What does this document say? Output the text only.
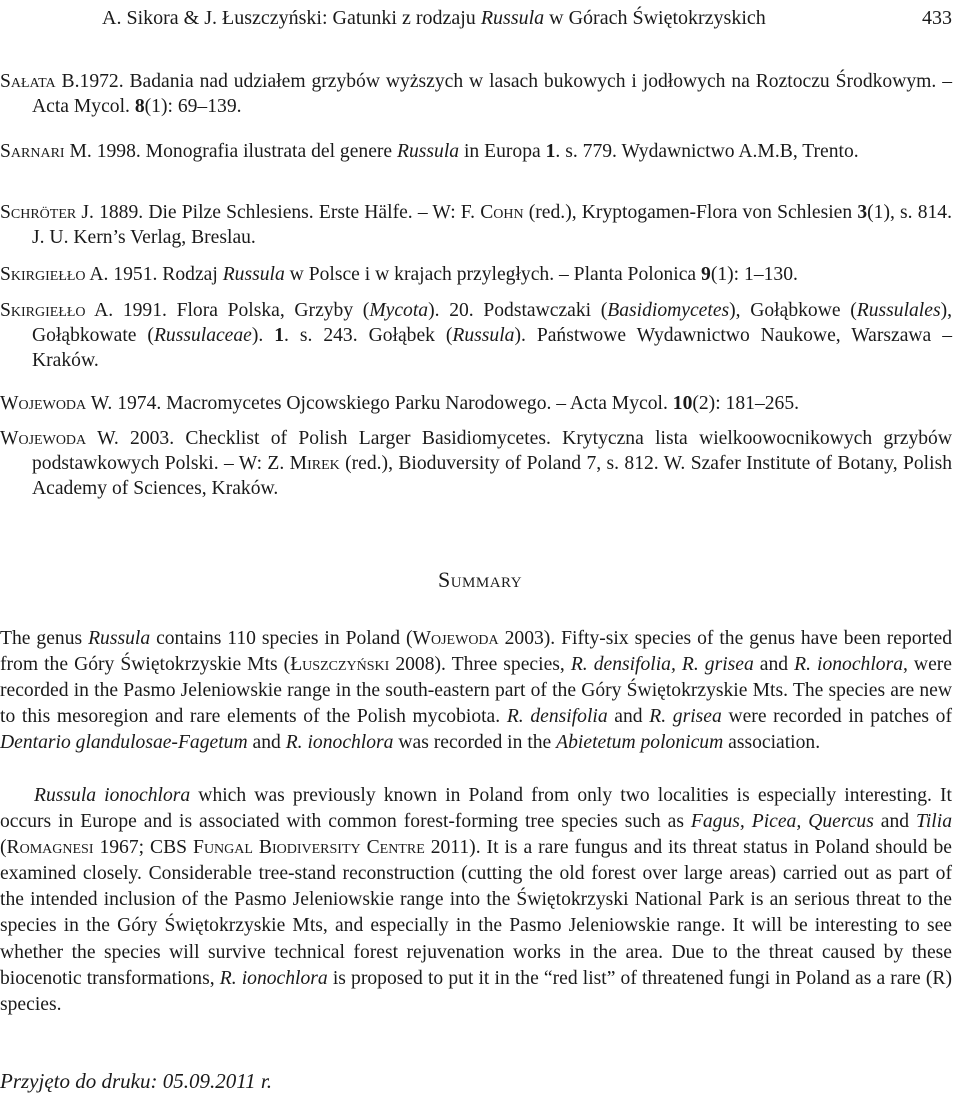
A. Sikora & J. Łuszczyński: Gatunki z rodzaju Russula w Górach Świętokrzyskich	433
Sałata B.1972. Badania nad udziałem grzybów wyższych w lasach bukowych i jodłowych na Roztoczu Środkowym. – Acta Mycol. 8(1): 69–139.
Sarnari M. 1998. Monografia ilustrata del genere Russula in Europa 1. s. 779. Wydawnictwo A.M.B, Trento.
Schröter J. 1889. Die Pilze Schlesiens. Erste Hälfe. – W: F. Cohn (red.), Kryptogamen-Flora von Schlesien 3(1), s. 814. J. U. Kern’s Verlag, Breslau.
Skirgiełło A. 1951. Rodzaj Russula w Polsce i w krajach przyległych. – Planta Polonica 9(1): 1–130.
Skirgiełło A. 1991. Flora Polska, Grzyby (Mycota). 20. Podstawczaki (Basidiomycetes), Gołąbkowe (Russulales), Gołąbkowate (Russulaceae). 1. s. 243. Gołąbek (Russula). Państwowe Wydawnictwo Naukowe, Warszawa – Kraków.
Wojewoda W. 1974. Macromycetes Ojcowskiego Parku Narodowego. – Acta Mycol. 10(2): 181–265.
Wojewoda W. 2003. Checklist of Polish Larger Basidiomycetes. Krytyczna lista wielkoowocnikowych grzybów podstawkowych Polski. – W: Z. Mirek (red.), Bioduversity of Poland 7, s. 812. W. Szafer Institute of Botany, Polish Academy of Sciences, Kraków.
Summary
The genus Russula contains 110 species in Poland (Wojewoda 2003). Fifty-six species of the genus have been reported from the Góry Świętokrzyskie Mts (Łuszczyński 2008). Three species, R. densifolia, R. grisea and R. ionochlora, were recorded in the Pasmo Jeleniowskie range in the south-eastern part of the Góry Świętokrzyskie Mts. The species are new to this mesoregion and rare elements of the Polish mycobiota. R. densifolia and R. grisea were recorded in patches of Dentario glandulosae-Fagetum and R. ionochlora was recorded in the Abietetum polonicum association.
Russula ionochlora which was previously known in Poland from only two localities is especially interesting. It occurs in Europe and is associated with common forest-forming tree species such as Fagus, Picea, Quercus and Tilia (Romagnesi 1967; CBS Fungal Biodiversity Centre 2011). It is a rare fungus and its threat status in Poland should be examined closely. Considerable tree-stand reconstruction (cutting the old forest over large areas) carried out as part of the intended inclusion of the Pasmo Jeleniowskie range into the Świętokrzyski National Park is an serious threat to the species in the Góry Świętokrzyskie Mts, and especially in the Pasmo Jeleniowskie range. It will be interesting to see whether the species will survive technical forest rejuvenation works in the area. Due to the threat caused by these biocenotic transformations, R. ionochlora is proposed to put it in the “red list” of threatened fungi in Poland as a rare (R) species.
Przyjęto do druku: 05.09.2011 r.
